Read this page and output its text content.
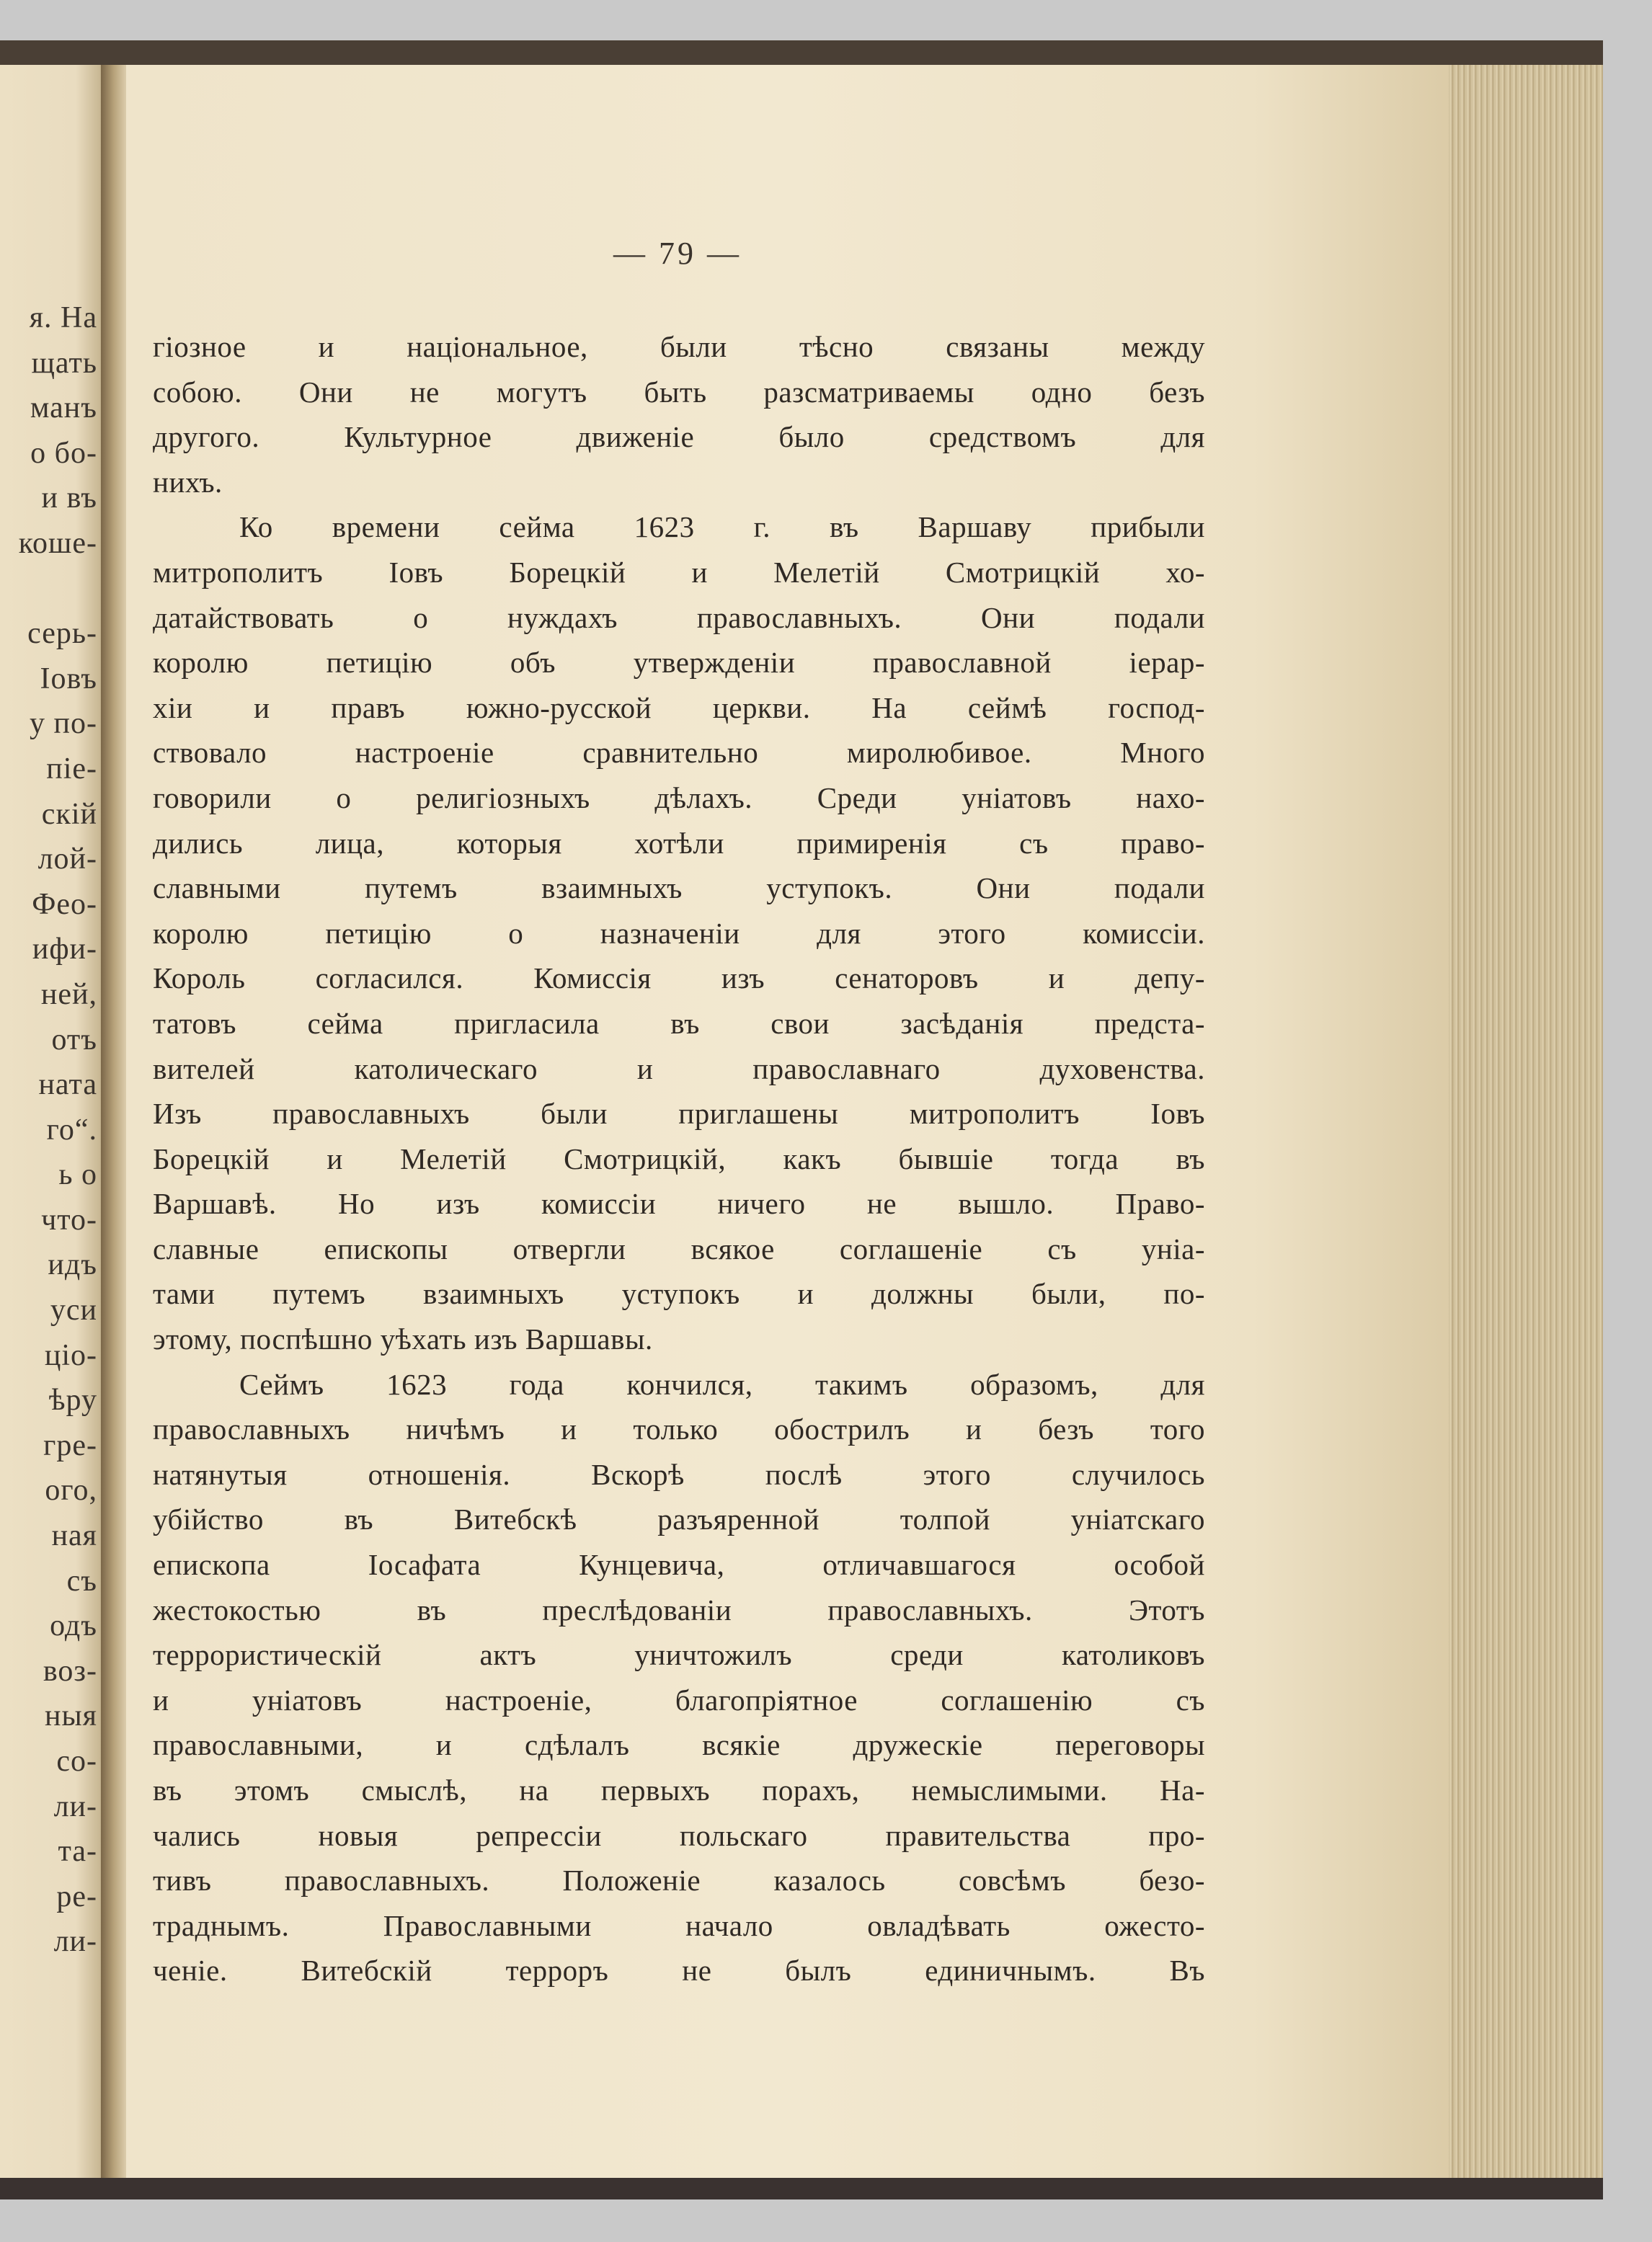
я. На
щать
манъ
о бо-
и въ
коше-
серь-
Іовъ
у по-
піе-
скій
лой-
Фео-
ифи-
ней,
отъ
ната
го“.
ь о
что-
идъ
уси
ціо-
ѣру
гре-
ого,
ная
съ
одъ
воз-
ныя
со-
ли-
та-
ре-
ли-
— 79 —
гіозное и національное, были тѣсно связаны между
собою. Они не могутъ быть разсматриваемы одно безъ
другого. Культурное движеніе было средствомъ для
нихъ.
Ко времени сейма 1623 г. въ Варшаву прибыли
митрополитъ Іовъ Борецкій и Мелетій Смотрицкій хо-
датайствовать о нуждахъ православныхъ. Они подали
королю петицію объ утвержденіи православной іерар-
хіи и правъ южно-русской церкви. На сеймѣ господ-
ствовало настроеніе сравнительно миролюбивое. Много
говорили о религіозныхъ дѣлахъ. Среди уніатовъ нахо-
дились лица, которыя хотѣли примиренія съ право-
славными путемъ взаимныхъ уступокъ. Они подали
королю петицію о назначеніи для этого комиссіи.
Король согласился. Комиссія изъ сенаторовъ и депу-
татовъ сейма пригласила въ свои засѣданія предста-
вителей католическаго и православнаго духовенства.
Изъ православныхъ были приглашены митрополитъ Іовъ
Борецкій и Мелетій Смотрицкій, какъ бывшіе тогда въ
Варшавѣ. Но изъ комиссіи ничего не вышло. Право-
славные епископы отвергли всякое соглашеніе съ уніа-
тами путемъ взаимныхъ уступокъ и должны были, по-
этому, поспѣшно уѣхать изъ Варшавы.
Сеймъ 1623 года кончился, такимъ образомъ, для
православныхъ ничѣмъ и только обострилъ и безъ того
натянутыя отношенія. Вскорѣ послѣ этого случилось
убійство въ Витебскѣ разъяренной толпой уніатскаго
епископа Іосафата Кунцевича, отличавшагося особой
жестокостью въ преслѣдованіи православныхъ. Этотъ
террористическій актъ уничтожилъ среди католиковъ
и уніатовъ настроеніе, благопріятное соглашенію съ
православными, и сдѣлалъ всякіе дружескіе переговоры
въ этомъ смыслѣ, на первыхъ порахъ, немыслимыми. На-
чались новыя репрессіи польскаго правительства про-
тивъ православныхъ. Положеніе казалось совсѣмъ безо-
траднымъ. Православными начало овладѣвать ожесто-
ченіе. Витебскій терроръ не былъ единичнымъ. Въ
